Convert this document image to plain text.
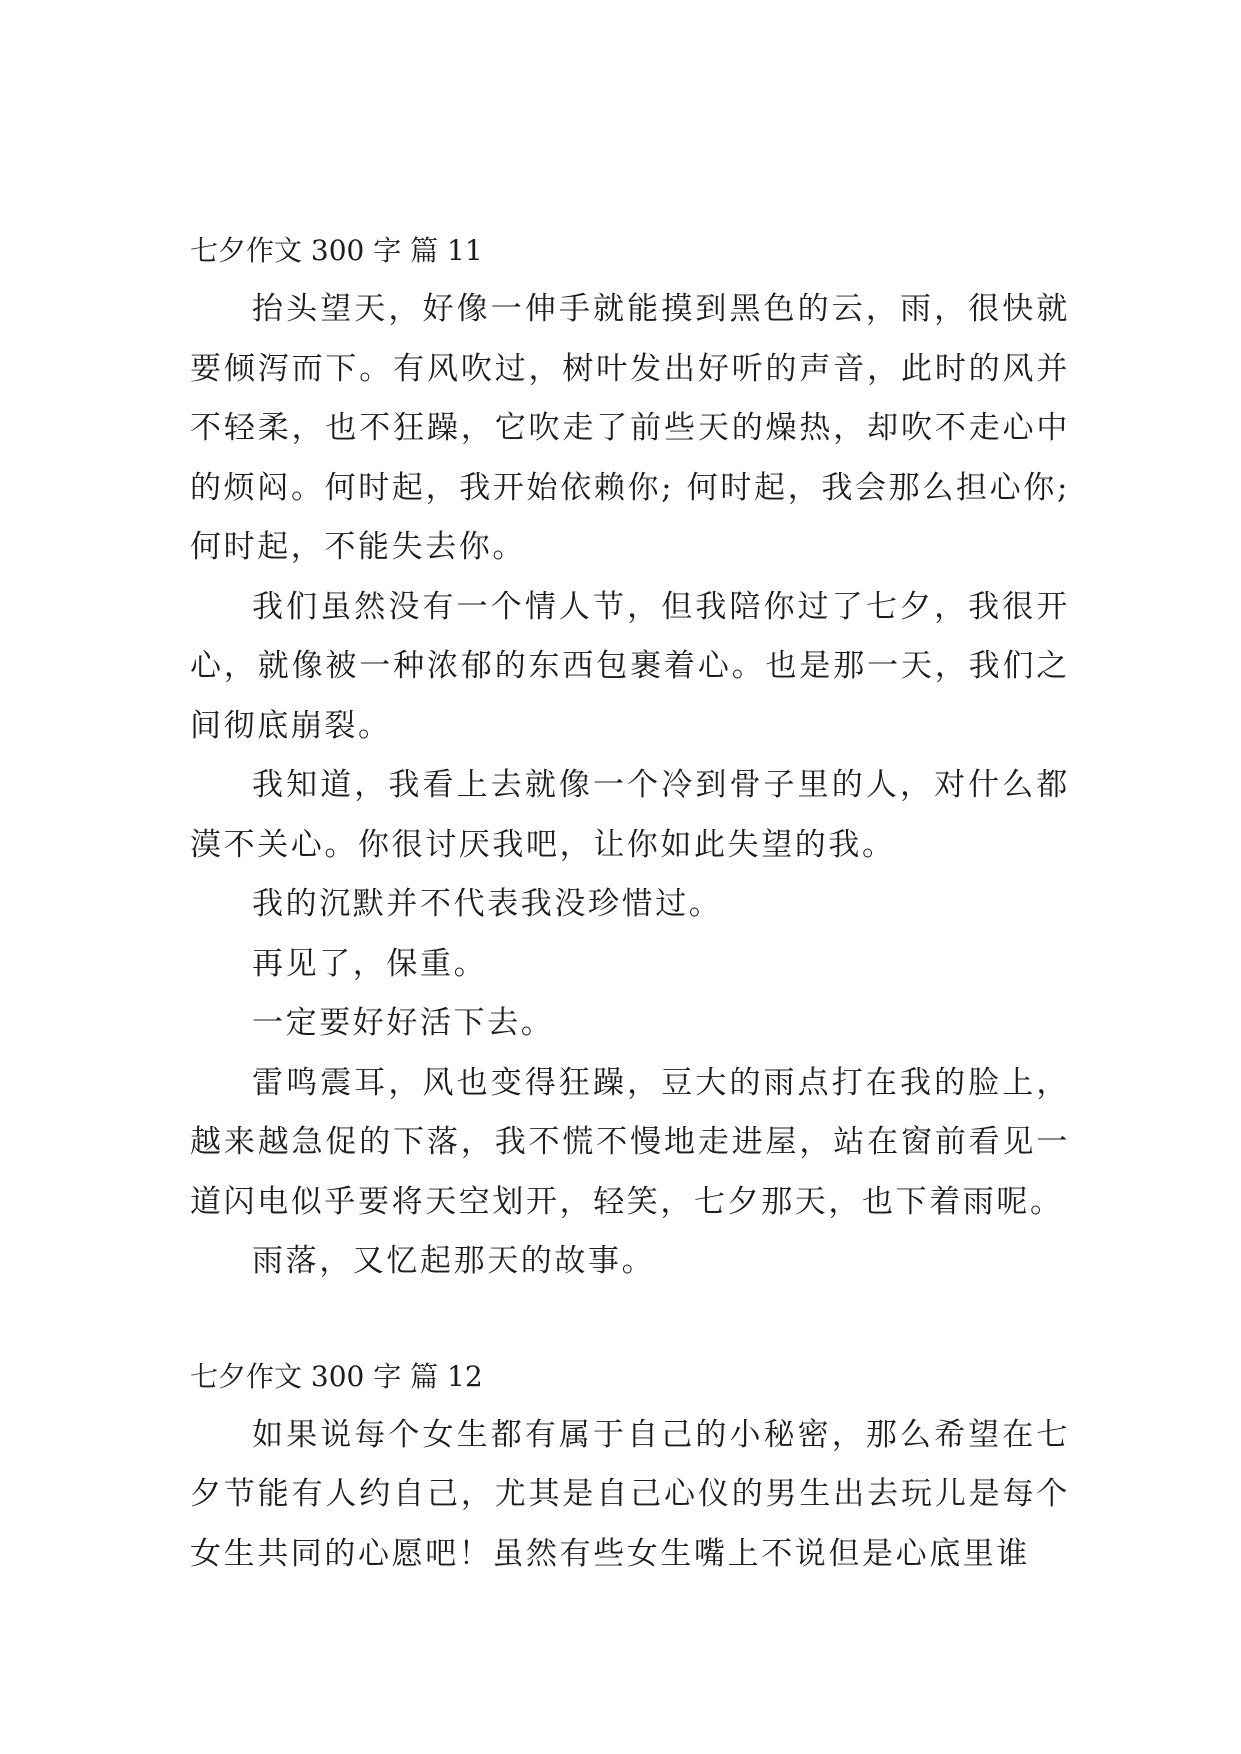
七夕作文 300 字 篇 11

抬头望天，好像一伸手就能摸到黑色的云，雨，很快就要倾泻而下。有风吹过，树叶发出好听的声音，此时的风并不轻柔，也不狂躁，它吹走了前些天的燥热，却吹不走心中的烦闷。何时起，我开始依赖你; 何时起，我会那么担心你; 何时起，不能失去你。

我们虽然没有一个情人节，但我陪你过了七夕，我很开心，就像被一种浓郁的东西包裹着心。也是那一天，我们之间彻底崩裂。

我知道，我看上去就像一个冷到骨子里的人，对什么都漠不关心。你很讨厌我吧，让你如此失望的我。

我的沉默并不代表我没珍惜过。

再见了，保重。

一定要好好活下去。

雷鸣震耳，风也变得狂躁，豆大的雨点打在我的脸上，越来越急促的下落，我不慌不慢地走进屋，站在窗前看见一道闪电似乎要将天空划开，轻笑，七夕那天，也下着雨呢。

雨落，又忆起那天的故事。

七夕作文 300 字 篇 12

如果说每个女生都有属于自己的小秘密，那么希望在七夕节能有人约自己，尤其是自己心仪的男生出去玩儿是每个女生共同的心愿吧！虽然有些女生嘴上不说但是心底里谁
